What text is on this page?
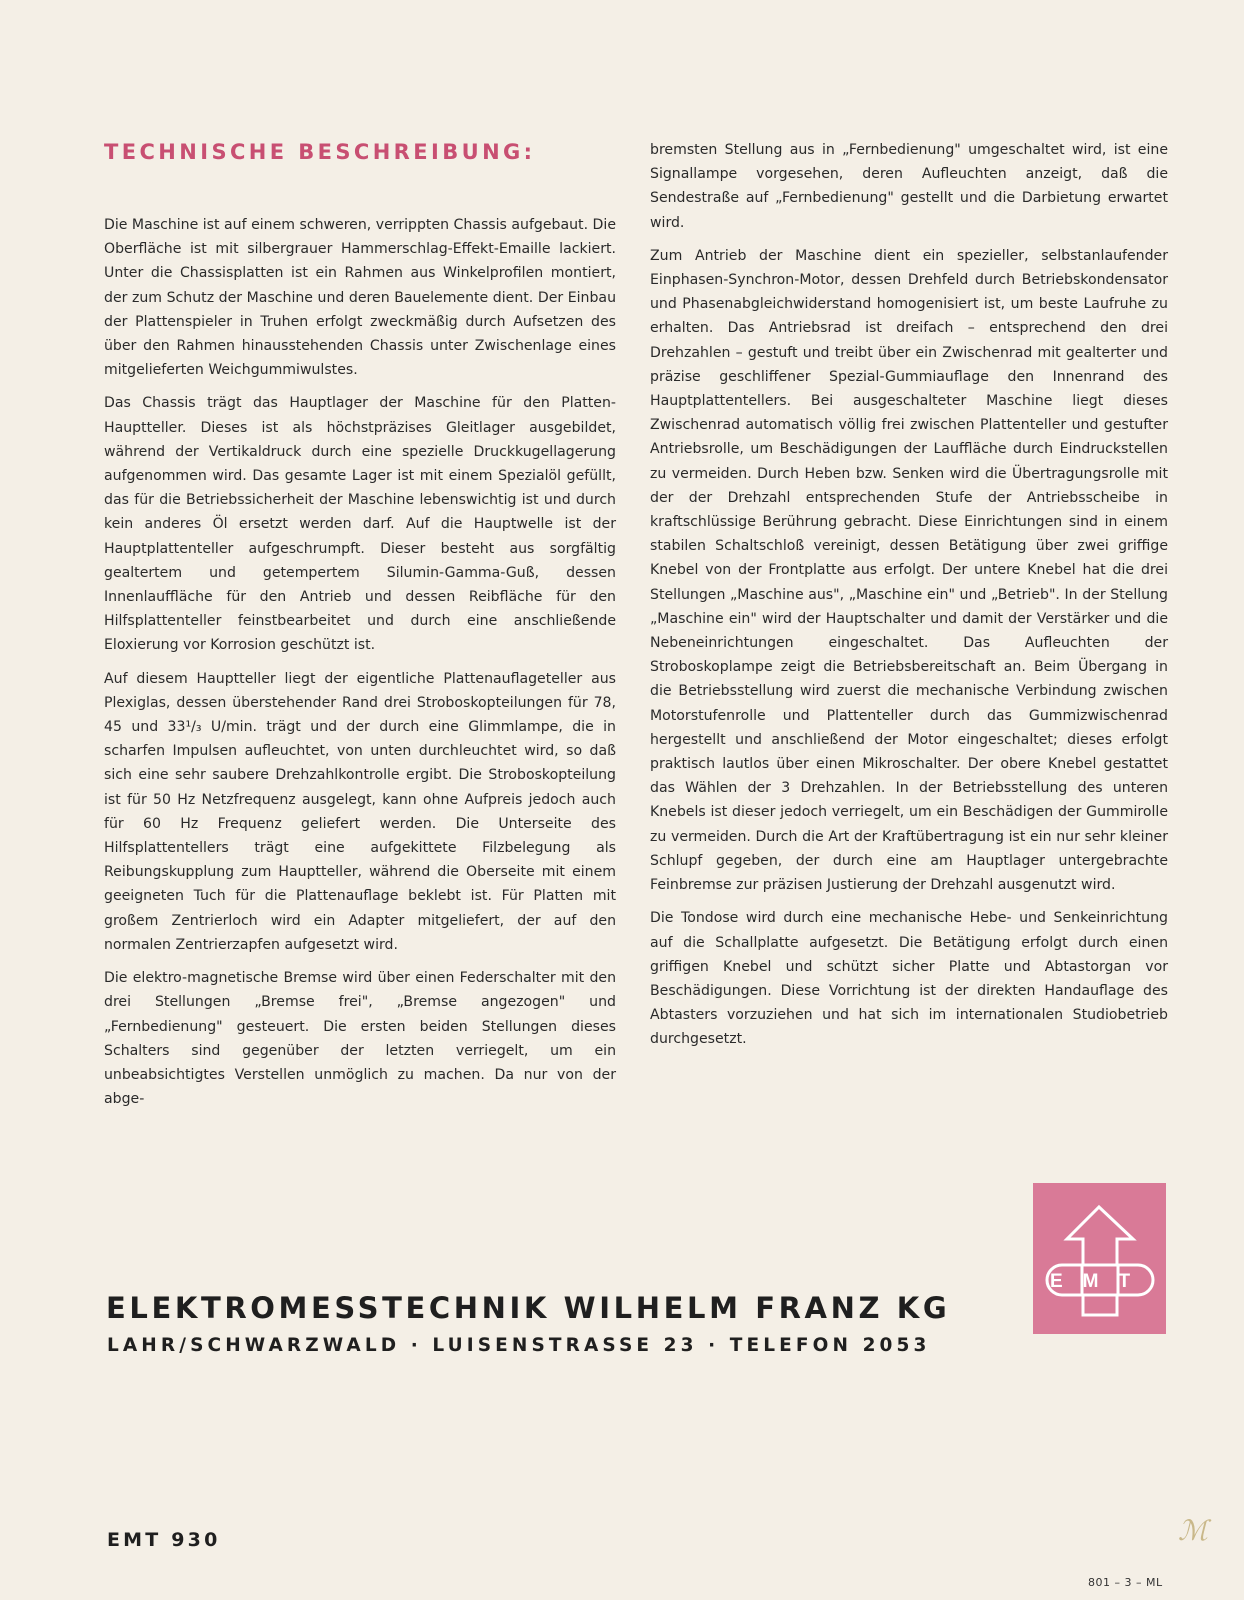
TECHNISCHE BESCHREIBUNG:

Die Maschine ist auf einem schweren, verrippten Chassis aufgebaut. Die Oberfläche ist mit silbergrauer Hammerschlag-Effekt-Emaille lackiert. Unter die Chassisplatten ist ein Rahmen aus Winkelprofilen montiert, der zum Schutz der Maschine und deren Bauelemente dient. Der Einbau der Plattenspieler in Truhen erfolgt zweckmäßig durch Aufsetzen des über den Rahmen hinausstehenden Chassis unter Zwischenlage eines mitgelieferten Weichgummiwulstes.

Das Chassis trägt das Hauptlager der Maschine für den Platten-Hauptteller. Dieses ist als höchstpräzises Gleitlager ausgebildet, während der Vertikaldruck durch eine spezielle Druckkugellagerung aufgenommen wird. Das gesamte Lager ist mit einem Spezialöl gefüllt, das für die Betriebssicherheit der Maschine lebenswichtig ist und durch kein anderes Öl ersetzt werden darf. Auf die Hauptwelle ist der Hauptplattenteller aufgeschrumpft. Dieser besteht aus sorgfältig gealtertem und getempertem Silumin-Gamma-Guß, dessen Innenlauffläche für den Antrieb und dessen Reibfläche für den Hilfsplattenteller feinstbearbeitet und durch eine anschließende Eloxierung vor Korrosion geschützt ist.

Auf diesem Hauptteller liegt der eigentliche Plattenauflageteller aus Plexiglas, dessen überstehender Rand drei Stroboskopteilungen für 78, 45 und 33¹/₃ U/min. trägt und der durch eine Glimmlampe, die in scharfen Impulsen aufleuchtet, von unten durchleuchtet wird, so daß sich eine sehr saubere Drehzahlkontrolle ergibt. Die Stroboskopteilung ist für 50 Hz Netzfrequenz ausgelegt, kann ohne Aufpreis jedoch auch für 60 Hz Frequenz geliefert werden. Die Unterseite des Hilfsplattentellers trägt eine aufgekittete Filzbelegung als Reibungskupplung zum Hauptteller, während die Oberseite mit einem geeigneten Tuch für die Plattenauflage beklebt ist. Für Platten mit großem Zentrierloch wird ein Adapter mitgeliefert, der auf den normalen Zentrierzapfen aufgesetzt wird.

Die elektro-magnetische Bremse wird über einen Federschalter mit den drei Stellungen „Bremse frei", „Bremse angezogen" und „Fernbedienung" gesteuert. Die ersten beiden Stellungen dieses Schalters sind gegenüber der letzten verriegelt, um ein unbeabsichtigtes Verstellen unmöglich zu machen. Da nur von der abge-

bremsten Stellung aus in „Fernbedienung" umgeschaltet wird, ist eine Signallampe vorgesehen, deren Aufleuchten anzeigt, daß die Sendestraße auf „Fernbedienung" gestellt und die Darbietung erwartet wird.

Zum Antrieb der Maschine dient ein spezieller, selbstanlaufender Einphasen-Synchron-Motor, dessen Drehfeld durch Betriebskondensator und Phasenabgleichwiderstand homogenisiert ist, um beste Laufruhe zu erhalten. Das Antriebsrad ist dreifach – entsprechend den drei Drehzahlen – gestuft und treibt über ein Zwischenrad mit gealterter und präzise geschliffener Spezial-Gummiauflage den Innenrand des Hauptplattentellers. Bei ausgeschalteter Maschine liegt dieses Zwischenrad automatisch völlig frei zwischen Plattenteller und gestufter Antriebsrolle, um Beschädigungen der Lauffläche durch Eindruckstellen zu vermeiden. Durch Heben bzw. Senken wird die Übertragungsrolle mit der der Drehzahl entsprechenden Stufe der Antriebsscheibe in kraftschlüssige Berührung gebracht. Diese Einrichtungen sind in einem stabilen Schaltschloß vereinigt, dessen Betätigung über zwei griffige Knebel von der Frontplatte aus erfolgt. Der untere Knebel hat die drei Stellungen „Maschine aus", „Maschine ein" und „Betrieb". In der Stellung „Maschine ein" wird der Hauptschalter und damit der Verstärker und die Nebeneinrichtungen eingeschaltet. Das Aufleuchten der Stroboskoplampe zeigt die Betriebsbereitschaft an. Beim Übergang in die Betriebsstellung wird zuerst die mechanische Verbindung zwischen Motorstufenrolle und Plattenteller durch das Gummizwischenrad hergestellt und anschließend der Motor eingeschaltet; dieses erfolgt praktisch lautlos über einen Mikroschalter. Der obere Knebel gestattet das Wählen der 3 Drehzahlen. In der Betriebsstellung des unteren Knebels ist dieser jedoch verriegelt, um ein Beschädigen der Gummirolle zu vermeiden. Durch die Art der Kraftübertragung ist ein nur sehr kleiner Schlupf gegeben, der durch eine am Hauptlager untergebrachte Feinbremse zur präzisen Justierung der Drehzahl ausgenutzt wird.

Die Tondose wird durch eine mechanische Hebe- und Senkeinrichtung auf die Schallplatte aufgesetzt. Die Betätigung erfolgt durch einen griffigen Knebel und schützt sicher Platte und Abtastorgan vor Beschädigungen. Diese Vorrichtung ist der direkten Handauflage des Abtasters vorzuziehen und hat sich im internationalen Studiobetrieb durchgesetzt.

EMT
ELEKTROMESSTECHNIK WILHELM FRANZ KG
LAHR/SCHWARZWALD · LUISENSTRASSE 23 · TELEFON 2053
EMT 930
801 – 3 – ML
ℳ
